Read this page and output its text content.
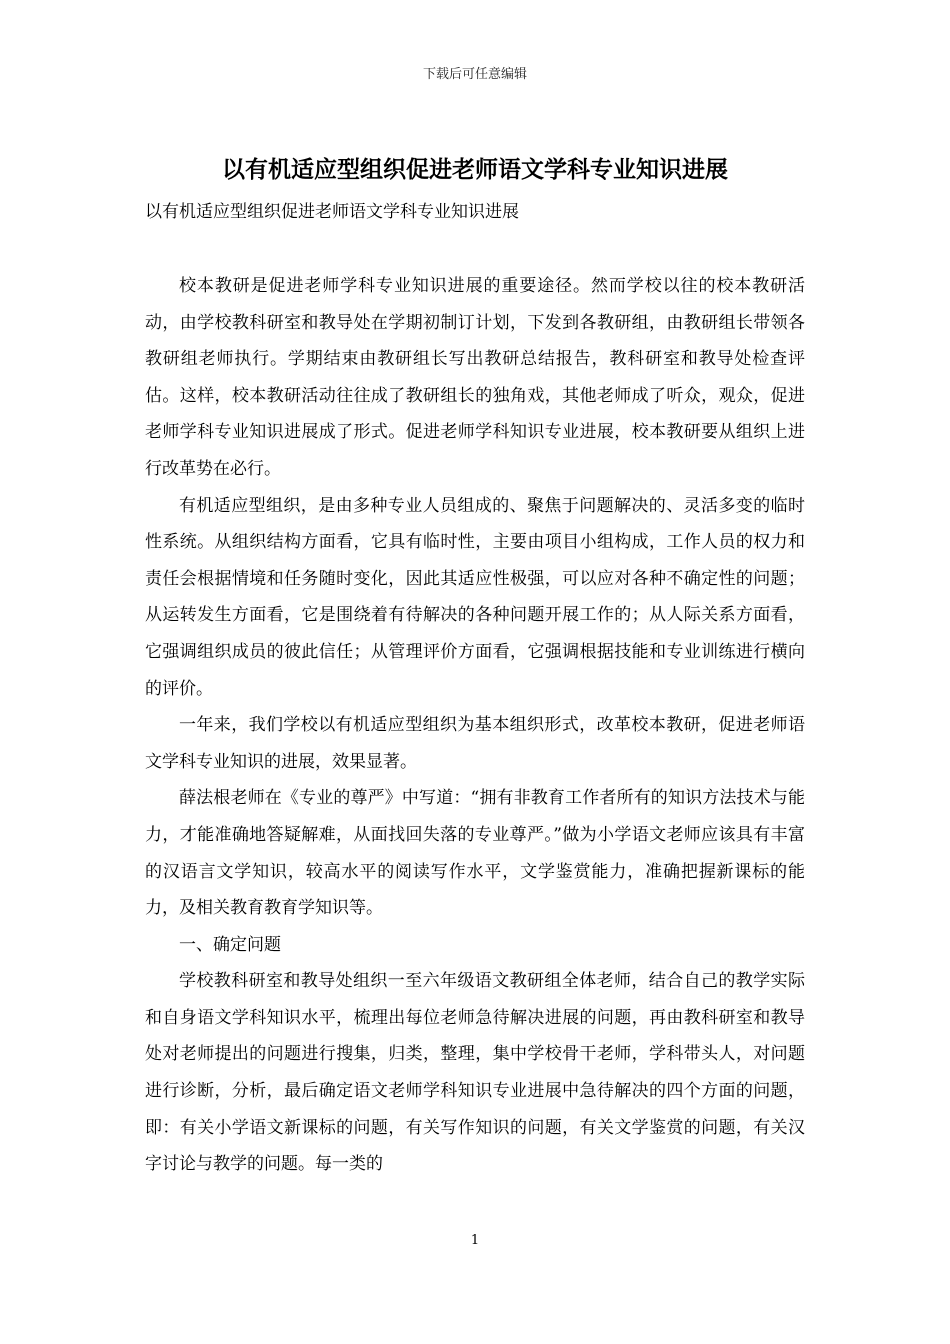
下载后可任意编辑
以有机适应型组织促进老师语文学科专业知识进展
以有机适应型组织促进老师语文学科专业知识进展

校本教研是促进老师学科专业知识进展的重要途径。然而学校以往的校本教研活动，由学校教科研室和教导处在学期初制订计划，下发到各教研组，由教研组长带领各教研组老师执行。学期结束由教研组长写出教研总结报告，教科研室和教导处检查评估。这样，校本教研活动往往成了教研组长的独角戏，其他老师成了听众，观众，促进老师学科专业知识进展成了形式。促进老师学科知识专业进展，校本教研要从组织上进行改革势在必行。

有机适应型组织，是由多种专业人员组成的、聚焦于问题解决的、灵活多变的临时性系统。从组织结构方面看，它具有临时性，主要由项目小组构成，工作人员的权力和责任会根据情境和任务随时变化，因此其适应性极强，可以应对各种不确定性的问题；从运转发生方面看，它是围绕着有待解决的各种问题开展工作的；从人际关系方面看，它强调组织成员的彼此信任；从管理评价方面看，它强调根据技能和专业训练进行横向的评价。

一年来，我们学校以有机适应型组织为基本组织形式，改革校本教研，促进老师语文学科专业知识的进展，效果显著。

薛法根老师在《专业的尊严》中写道：“拥有非教育工作者所有的知识方法技术与能力，才能准确地答疑解难，从面找回失落的专业尊严。”做为小学语文老师应该具有丰富的汉语言文学知识，较高水平的阅读写作水平，文学鉴赏能力，准确把握新课标的能力，及相关教育教育学知识等。

一、确定问题

学校教科研室和教导处组织一至六年级语文教研组全体老师，结合自己的教学实际和自身语文学科知识水平，梳理出每位老师急待解决进展的问题，再由教科研室和教导处对老师提出的问题进行搜集，归类，整理，集中学校骨干老师，学科带头人，对问题进行诊断，分析，最后确定语文老师学科知识专业进展中急待解决的四个方面的问题，即：有关小学语文新课标的问题，有关写作知识的问题，有关文学鉴赏的问题，有关汉字讨论与教学的问题。每一类的

1
